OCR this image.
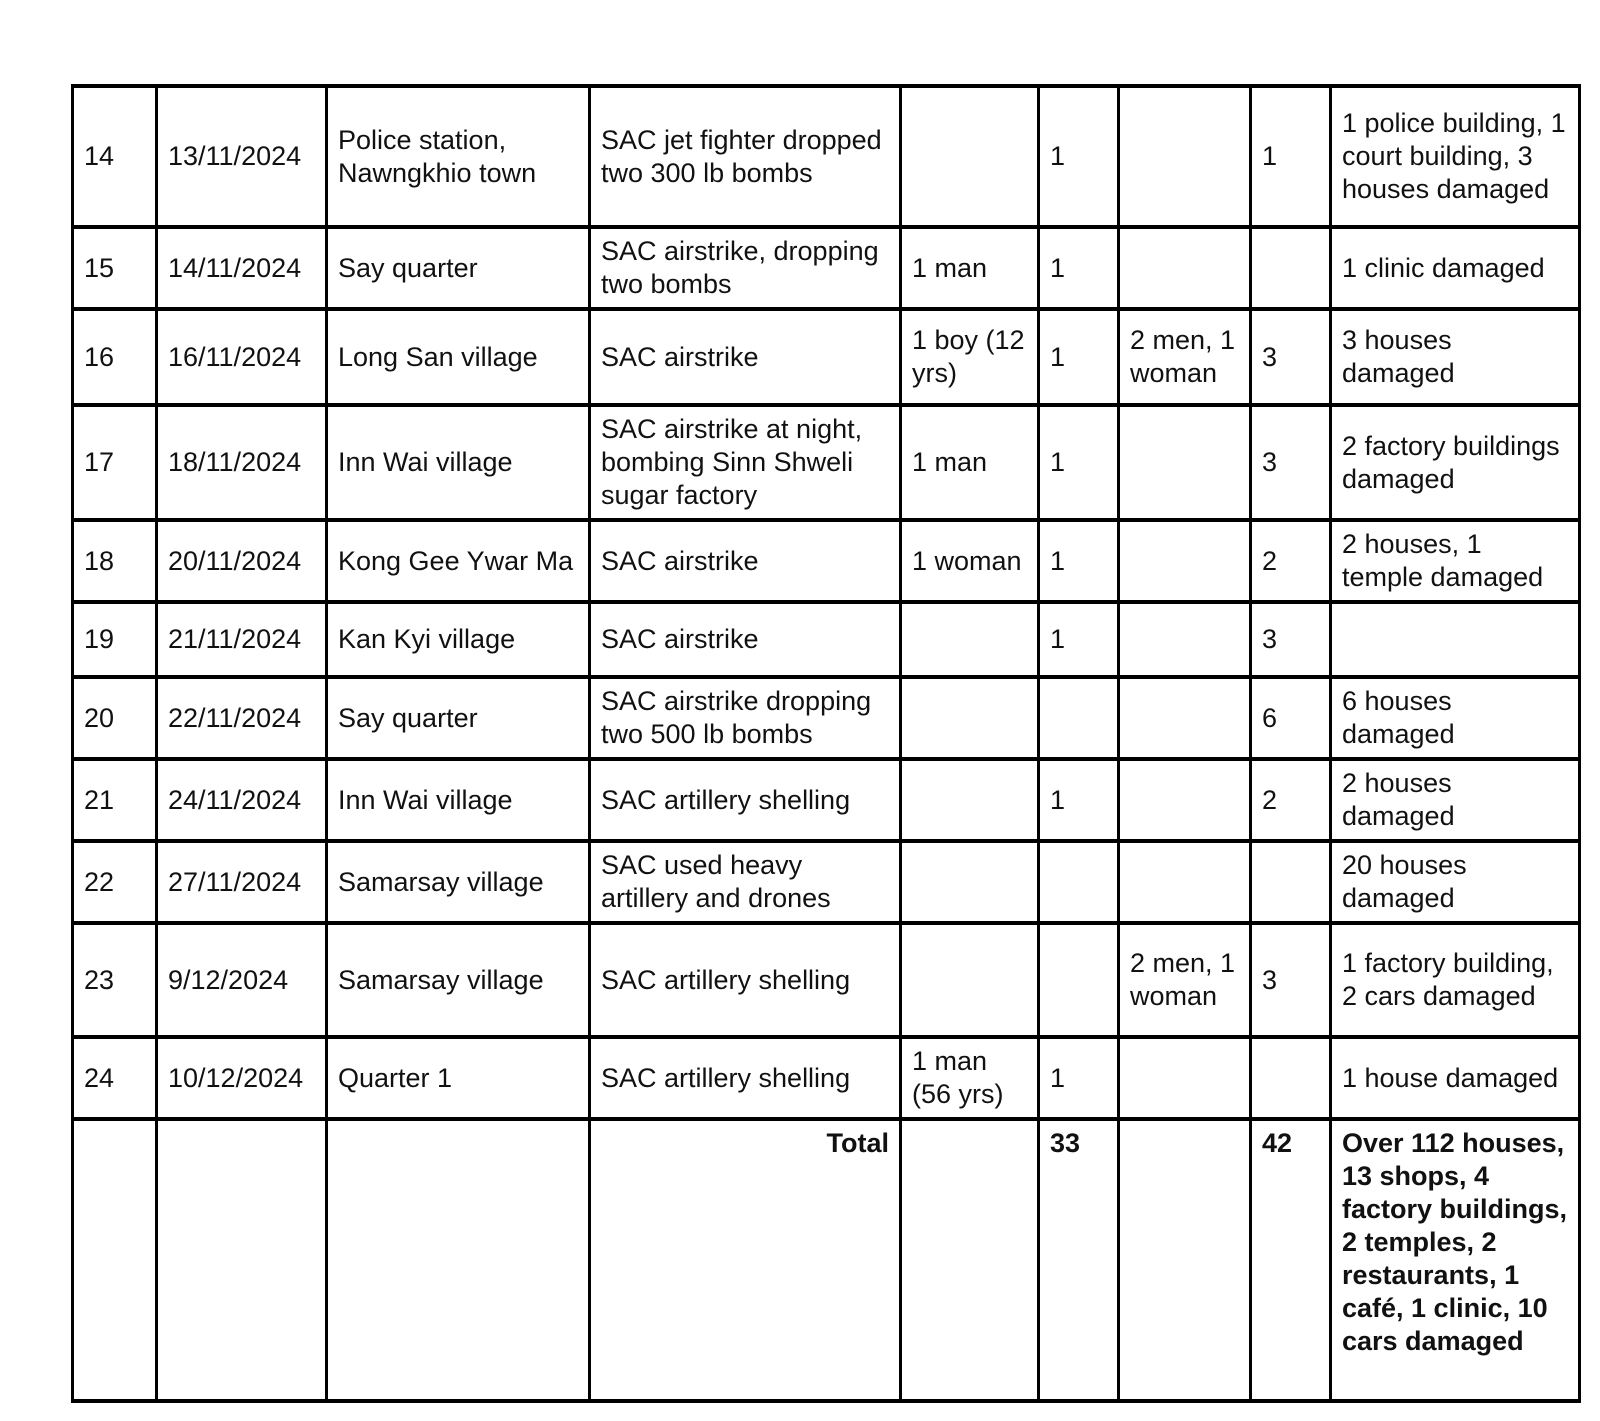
14	13/11/2024	Police station, Nawngkhio town	SAC jet fighter dropped two 300 lb bombs		1		1	1 police building, 1 court building, 3 houses damaged
15	14/11/2024	Say quarter	SAC airstrike, dropping two bombs	1 man	1			1 clinic damaged
16	16/11/2024	Long San village	SAC airstrike	1 boy (12 yrs)	1	2 men, 1 woman	3	3 houses damaged
17	18/11/2024	Inn Wai village	SAC airstrike at night, bombing Sinn Shweli sugar factory	1 man	1		3	2 factory buildings damaged
18	20/11/2024	Kong Gee Ywar Ma	SAC airstrike	1 woman	1		2	2 houses, 1 temple damaged
19	21/11/2024	Kan Kyi village	SAC airstrike		1		3	
20	22/11/2024	Say quarter	SAC airstrike dropping two 500 lb bombs				6	6 houses damaged
21	24/11/2024	Inn Wai village	SAC artillery shelling		1		2	2 houses damaged
22	27/11/2024	Samarsay village	SAC used heavy artillery and drones					20 houses damaged
23	9/12/2024	Samarsay village	SAC artillery shelling			2 men, 1 woman	3	1 factory building, 2 cars damaged
24	10/12/2024	Quarter 1	SAC artillery shelling	1 man (56 yrs)	1			1 house damaged
			Total		33		42	Over 112 houses, 13 shops, 4 factory buildings, 2 temples, 2 restaurants, 1 café, 1 clinic, 10 cars damaged
